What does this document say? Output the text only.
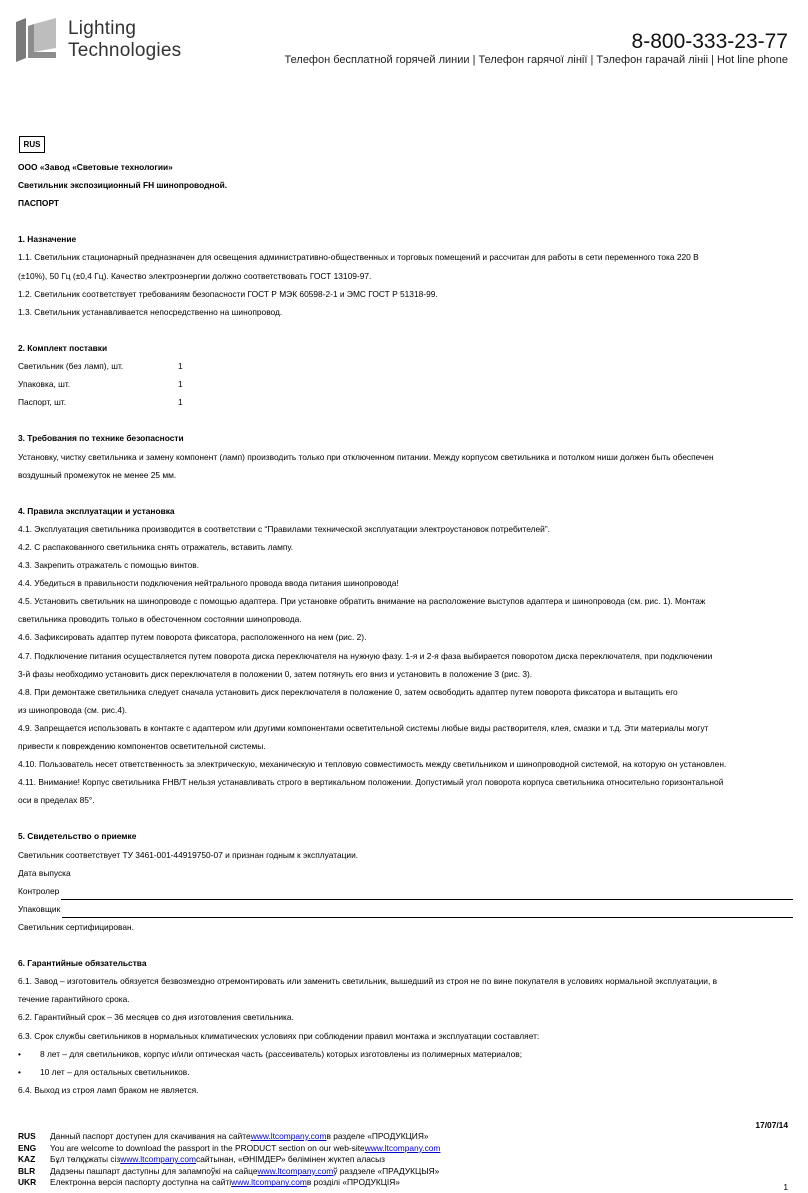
Lighting
Technologies	8-800-333-23-77
Телефон бесплатной горячей линии | Телефон гарячої лінії | Тэлефон гарачай лініі | Hot line phone
RUS
ООО «Завод «Световые технологии»
Светильник экспозиционный FH шинопроводной.
ПАСПОРТ
1. Назначение
1.1. Светильник стационарный предназначен для освещения административно-общественных и торговых помещений и рассчитан для работы в сети переменного тока 220 В
(±10%), 50 Гц (±0,4 Гц). Качество электроэнергии должно соответствовать ГОСТ 13109-97.
1.2. Светильник соответствует требованиям безопасности ГОСТ Р МЭК 60598-2-1 и ЭМС ГОСТ Р 51318-99.
1.3. Светильник устанавливается непосредственно на шинопровод.
2. Комплект поставки
Светильник (без ламп), шт.	1
Упаковка, шт.	1
Паспорт, шт.	1
3. Требования по технике безопасности
Установку, чистку светильника и замену компонент (ламп) производить только при отключенном питании. Между корпусом светильника и потолком ниши должен быть обеспечен
воздушный промежуток не менее 25 мм.
4. Правила эксплуатации и установка
4.1. Эксплуатация светильника производится в соответствии с “Правилами технической эксплуатации электроустановок потребителей”.
4.2. С распакованного светильника снять отражатель, вставить лампу.
4.3. Закрепить отражатель с помощью винтов.
4.4. Убедиться в правильности подключения нейтрального провода ввода питания шинопровода!
4.5. Установить светильник на шинопроводе с помощью адаптера. При установке обратить внимание на расположение выступов адаптера и шинопровода (см. рис. 1). Монтаж
светильника проводить только в обесточенном состоянии шинопровода.
4.6. Зафиксировать адаптер путем поворота фиксатора, расположенного на нем (рис. 2).
4.7. Подключение питания осуществляется путем поворота диска переключателя на нужную фазу. 1-я и 2-я фаза выбирается поворотом диска переключателя, при подключении
3-й фазы необходимо установить диск переключателя в положении 0, затем потянуть его вниз и установить в положение 3 (рис. 3).
4.8. При демонтаже светильника следует сначала установить диск переключателя в положение 0, затем освободить адаптер путем поворота фиксатора и вытащить его
из шинопровода (см. рис.4).
4.9. Запрещается использовать в контакте с адаптером или другими компонентами осветительной системы любые виды растворителя, клея, смазки и т.д. Эти материалы могут
привести к повреждению компонентов осветительной системы.
4.10. Пользователь несет ответственность за электрическую, механическую и тепловую совместимость между светильником и шинопроводной системой, на которую он установлен.
4.11. Внимание! Корпус светильника FHB/T нельзя устанавливать строго в вертикальном положении. Допустимый угол поворота корпуса светильника относительно горизонтальной
оси в пределах 85°.
5. Свидетельство о приемке
Светильник соответствует ТУ 3461-001-44919750-07 и признан годным к эксплуатации.
Дата выпуска
Контролер
Упаковщик
Светильник сертифицирован.
6. Гарантийные обязательства
6.1. Завод – изготовитель обязуется безвозмездно отремонтировать или заменить светильник, вышедший из строя не по вине покупателя в условиях нормальной эксплуатации, в
течение гарантийного срока.
6.2. Гарантийный срок – 36 месяцев со дня изготовления светильника.
6.3. Срок службы светильников в нормальных климатических условиях при соблюдении правил монтажа и эксплуатации составляет:
•	8 лет – для светильников, корпус и/или оптическая часть (рассеиватель) которых изготовлены из полимерных материалов;
•	10 лет – для остальных светильников.
6.4. Выход из строя ламп браком не является.
17/07/14
RUS	Данный паспорт доступен для скачивания на сайте www.ltcompany.com в разделе «ПРОДУКЦИЯ»
ENG	You are welcome to download the passport in the PRODUCT section on our web-site www.ltcompany.com
KAZ	Бұл төлқұжаты сіз www.ltcompany.com сайтынан, «ӨНІМДЕР» бөлімінен жүктеп аласыз
BLR	Дадзены пашпарт даступны для запампоўкі на сайце www.ltcompany.com ў раздзеле «ПРАДУКЦЫЯ»
UKR	Електронна версія паспорту доступна на сайті www.ltcompany.com в розділі «ПРОДУКЦІЯ»	1
